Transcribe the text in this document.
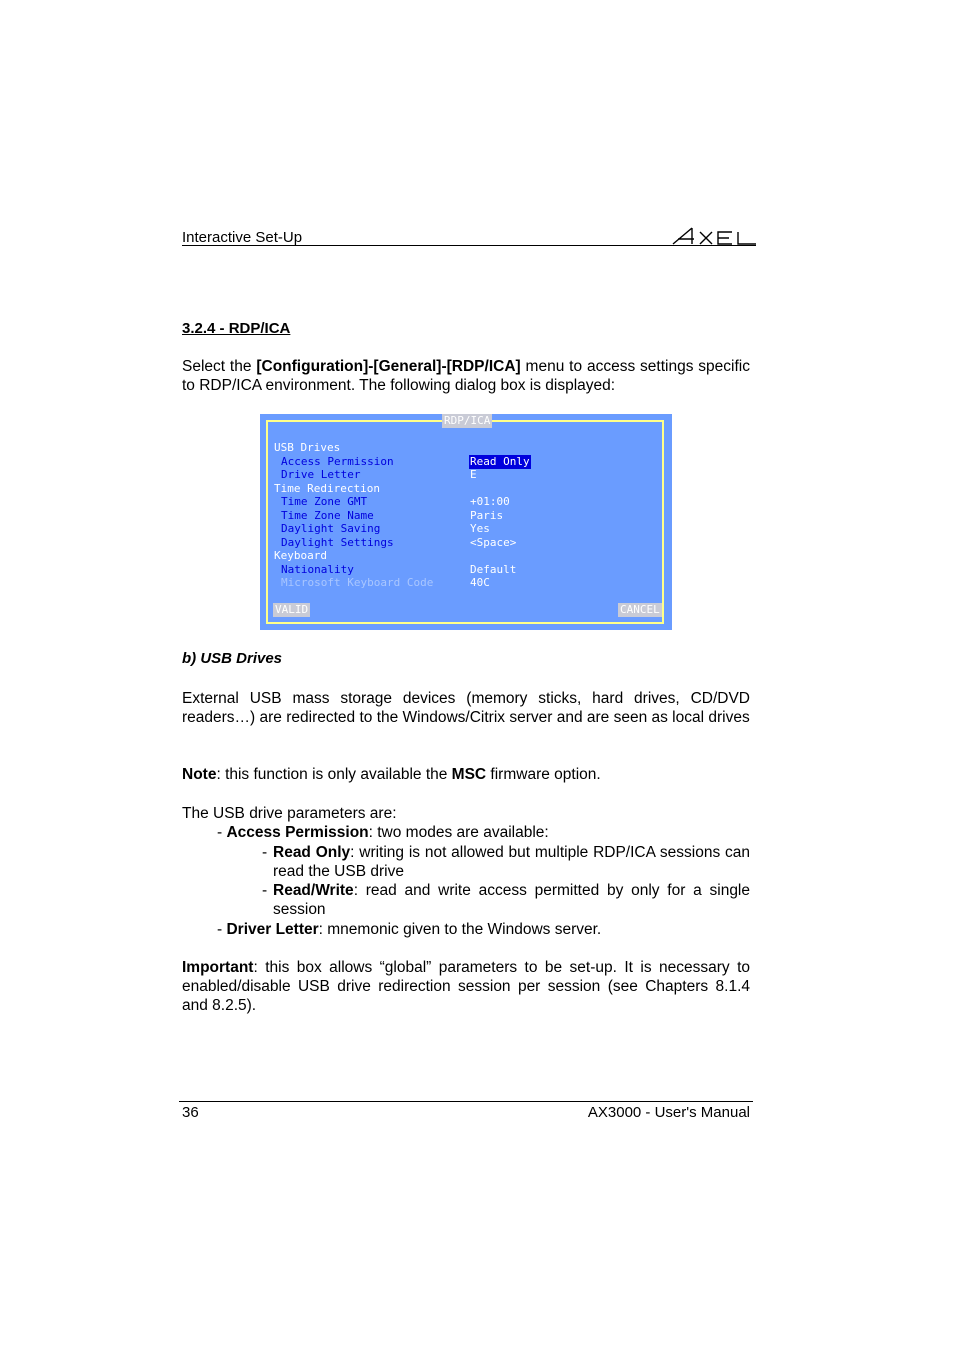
Interactive Set-Up
3.2.4 - RDP/ICA
Select the [Configuration]-[General]-[RDP/ICA] menu to access settings specific to RDP/ICA environment. The following dialog box is displayed:
RDP/ICA
USB Drives
Access Permission	Read Only
Drive Letter	E
Time Redirection
Time Zone GMT	+01:00
Time Zone Name	Paris
Daylight Saving	Yes
Daylight Settings	<Space>
Keyboard
Nationality	Default
Microsoft Keyboard Code	40C
VALID	CANCEL
b) USB Drives
External USB mass storage devices (memory sticks, hard drives, CD/DVD readers…) are redirected to the Windows/Citrix server and are seen as local drives
Note: this function is only available the MSC firmware option.
The USB drive parameters are:
- Access Permission: two modes are available:
- Read Only: writing is not allowed but multiple RDP/ICA sessions can read the USB drive
- Read/Write: read and write access permitted by only for a single session
- Driver Letter: mnemonic given to the Windows server.
Important: this box allows “global” parameters to be set-up. It is necessary to enabled/disable USB drive redirection session per session (see Chapters 8.1.4 and 8.2.5).
36	AX3000 - User's Manual
